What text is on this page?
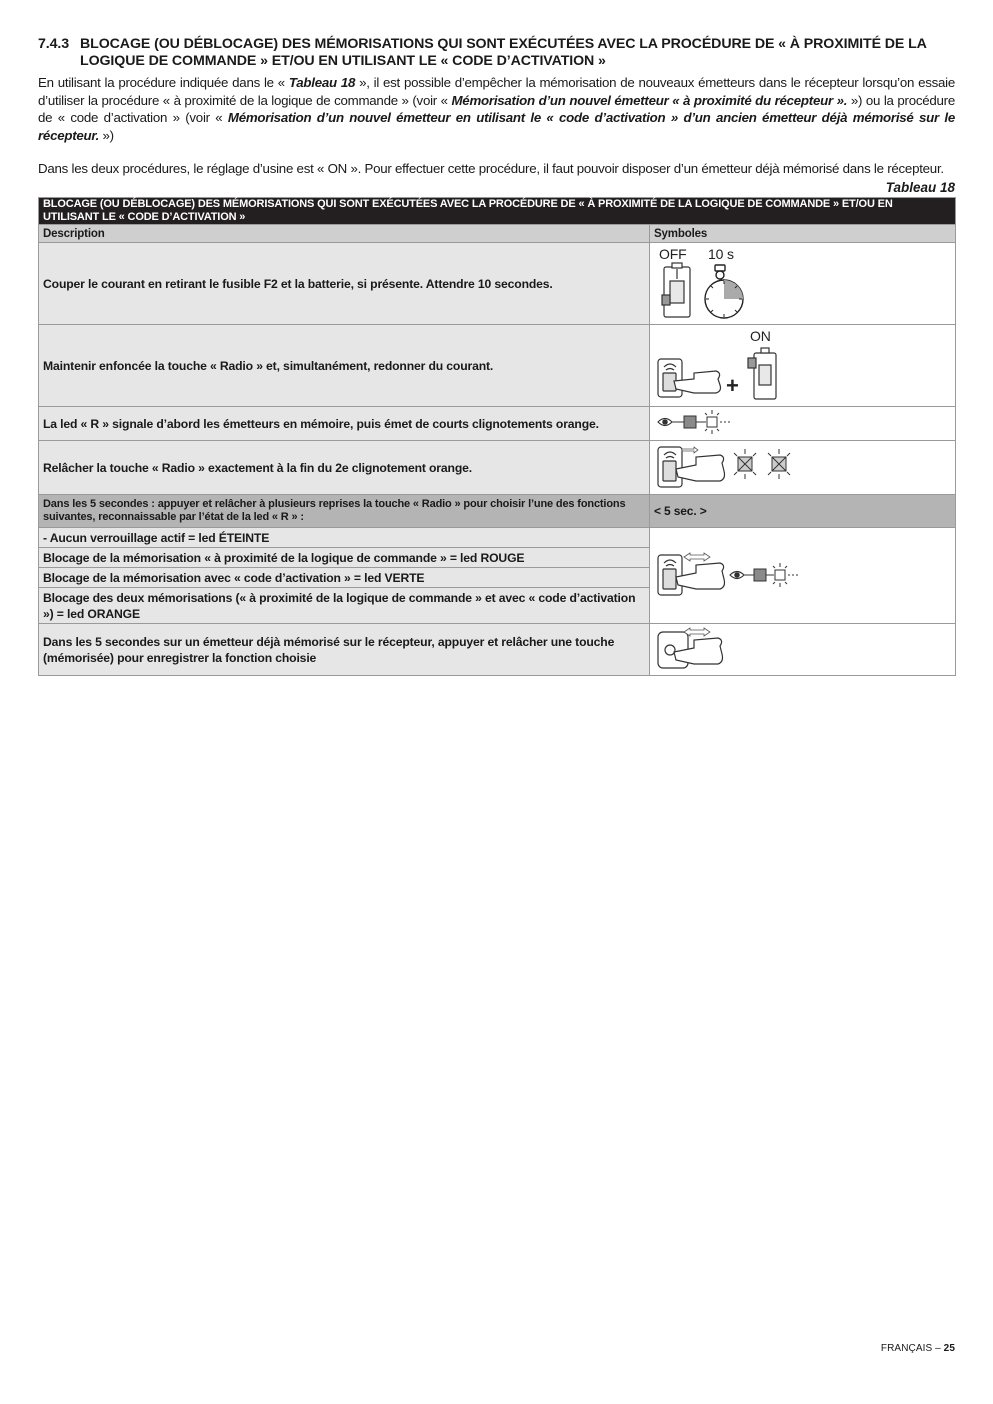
7.4.3 BLOCAGE (OU DÉBLOCAGE) DES MÉMORISATIONS QUI SONT EXÉCUTÉES AVEC LA PROCÉDURE DE « À PROXIMITÉ DE LA LOGIQUE DE COMMANDE » ET/OU EN UTILISANT LE « CODE D’ACTIVATION »
En utilisant la procédure indiquée dans le « Tableau 18 », il est possible d’empêcher la mémorisation de nouveaux émetteurs dans le récepteur lorsqu’on essaie d’utiliser la procédure « à proximité de la logique de commande » (voir « Mémorisation d’un nouvel émetteur « à proximité du récepteur ». ») ou la procédure de « code d’activation » (voir « Mémorisation d’un nouvel émetteur en utilisant le « code d’activation » d’un ancien émetteur déjà mémorisé sur le récepteur. »)
Dans les deux procédures, le réglage d’usine est « ON ». Pour effectuer cette procédure, il faut pouvoir disposer d’un émetteur déjà mémorisé dans le récepteur.
Tableau 18
BLOCAGE (OU DÉBLOCAGE) DES MÉMORISATIONS QUI SONT EXÉCUTÉES AVEC LA PROCÉDURE DE « À PROXIMITÉ DE LA LOGIQUE DE COMMANDE » ET/OU EN UTILISANT LE « CODE D’ACTIVATION »	
Description	Symboles
Couper le courant en retirant le fusible F2 et la batterie, si présente. Attendre 10 secondes.	OFF 10 s

Maintenir enfoncée la touche « Radio » et, simultanément, redonner du courant.	+
ON

La led « R » signale d’abord les émetteurs en mémoire, puis émet de courts clignotements orange.	
Relâcher la touche « Radio » exactement à la fin du 2e clignotement orange.	
Dans les 5 secondes : appuyer et relâcher à plusieurs reprises la touche « Radio » pour choisir l’une des fonctions suivantes, reconnaissable par l’état de la led « R » :	< 5 sec. >
- Aucun verrouillage actif = led ÉTEINTE	
Blocage de la mémorisation « à proximité de la logique de commande » = led ROUGE	
Blocage de la mémorisation avec « code d’activation » = led VERTE	
Blocage des deux mémorisations (« à proximité de la logique de commande » et avec « code d’activation ») = led ORANGE	
Dans les 5 secondes sur un émetteur déjà mémorisé sur le récepteur, appuyer et relâcher une touche (mémorisée) pour enregistrer la fonction choisie	
FRANÇAIS – 25
